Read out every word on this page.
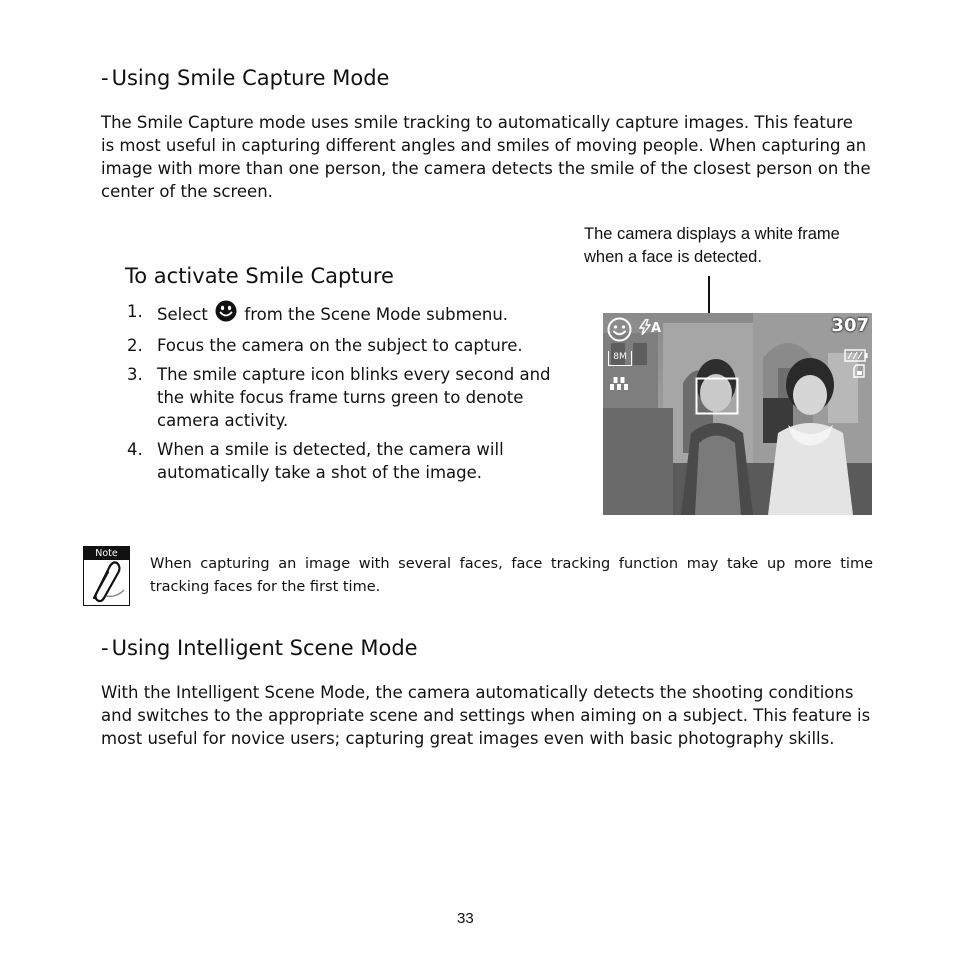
- Using Smile Capture Mode
The Smile Capture mode uses smile tracking to automatically capture images. This feature
is most useful in capturing different angles and smiles of moving people. When capturing an
image with more than one person, the camera detects the smile of the closest person on the
center of the screen.
To activate Smile Capture
1. Select from the Scene Mode submenu.
2. Focus the camera on the subject to capture.
3. The smile capture icon blinks every second and
the white focus frame turns green to denote
camera activity.
4. When a smile is detected, the camera will
automatically take a shot of the image.
The camera displays a white frame
when a face is detected.
A	307
8M
Note
When capturing an image with several faces, face tracking function may take up more time
tracking faces for the first time.
- Using Intelligent Scene Mode
With the Intelligent Scene Mode, the camera automatically detects the shooting conditions
and switches to the appropriate scene and settings when aiming on a subject. This feature is
most useful for novice users; capturing great images even with basic photography skills.
33
